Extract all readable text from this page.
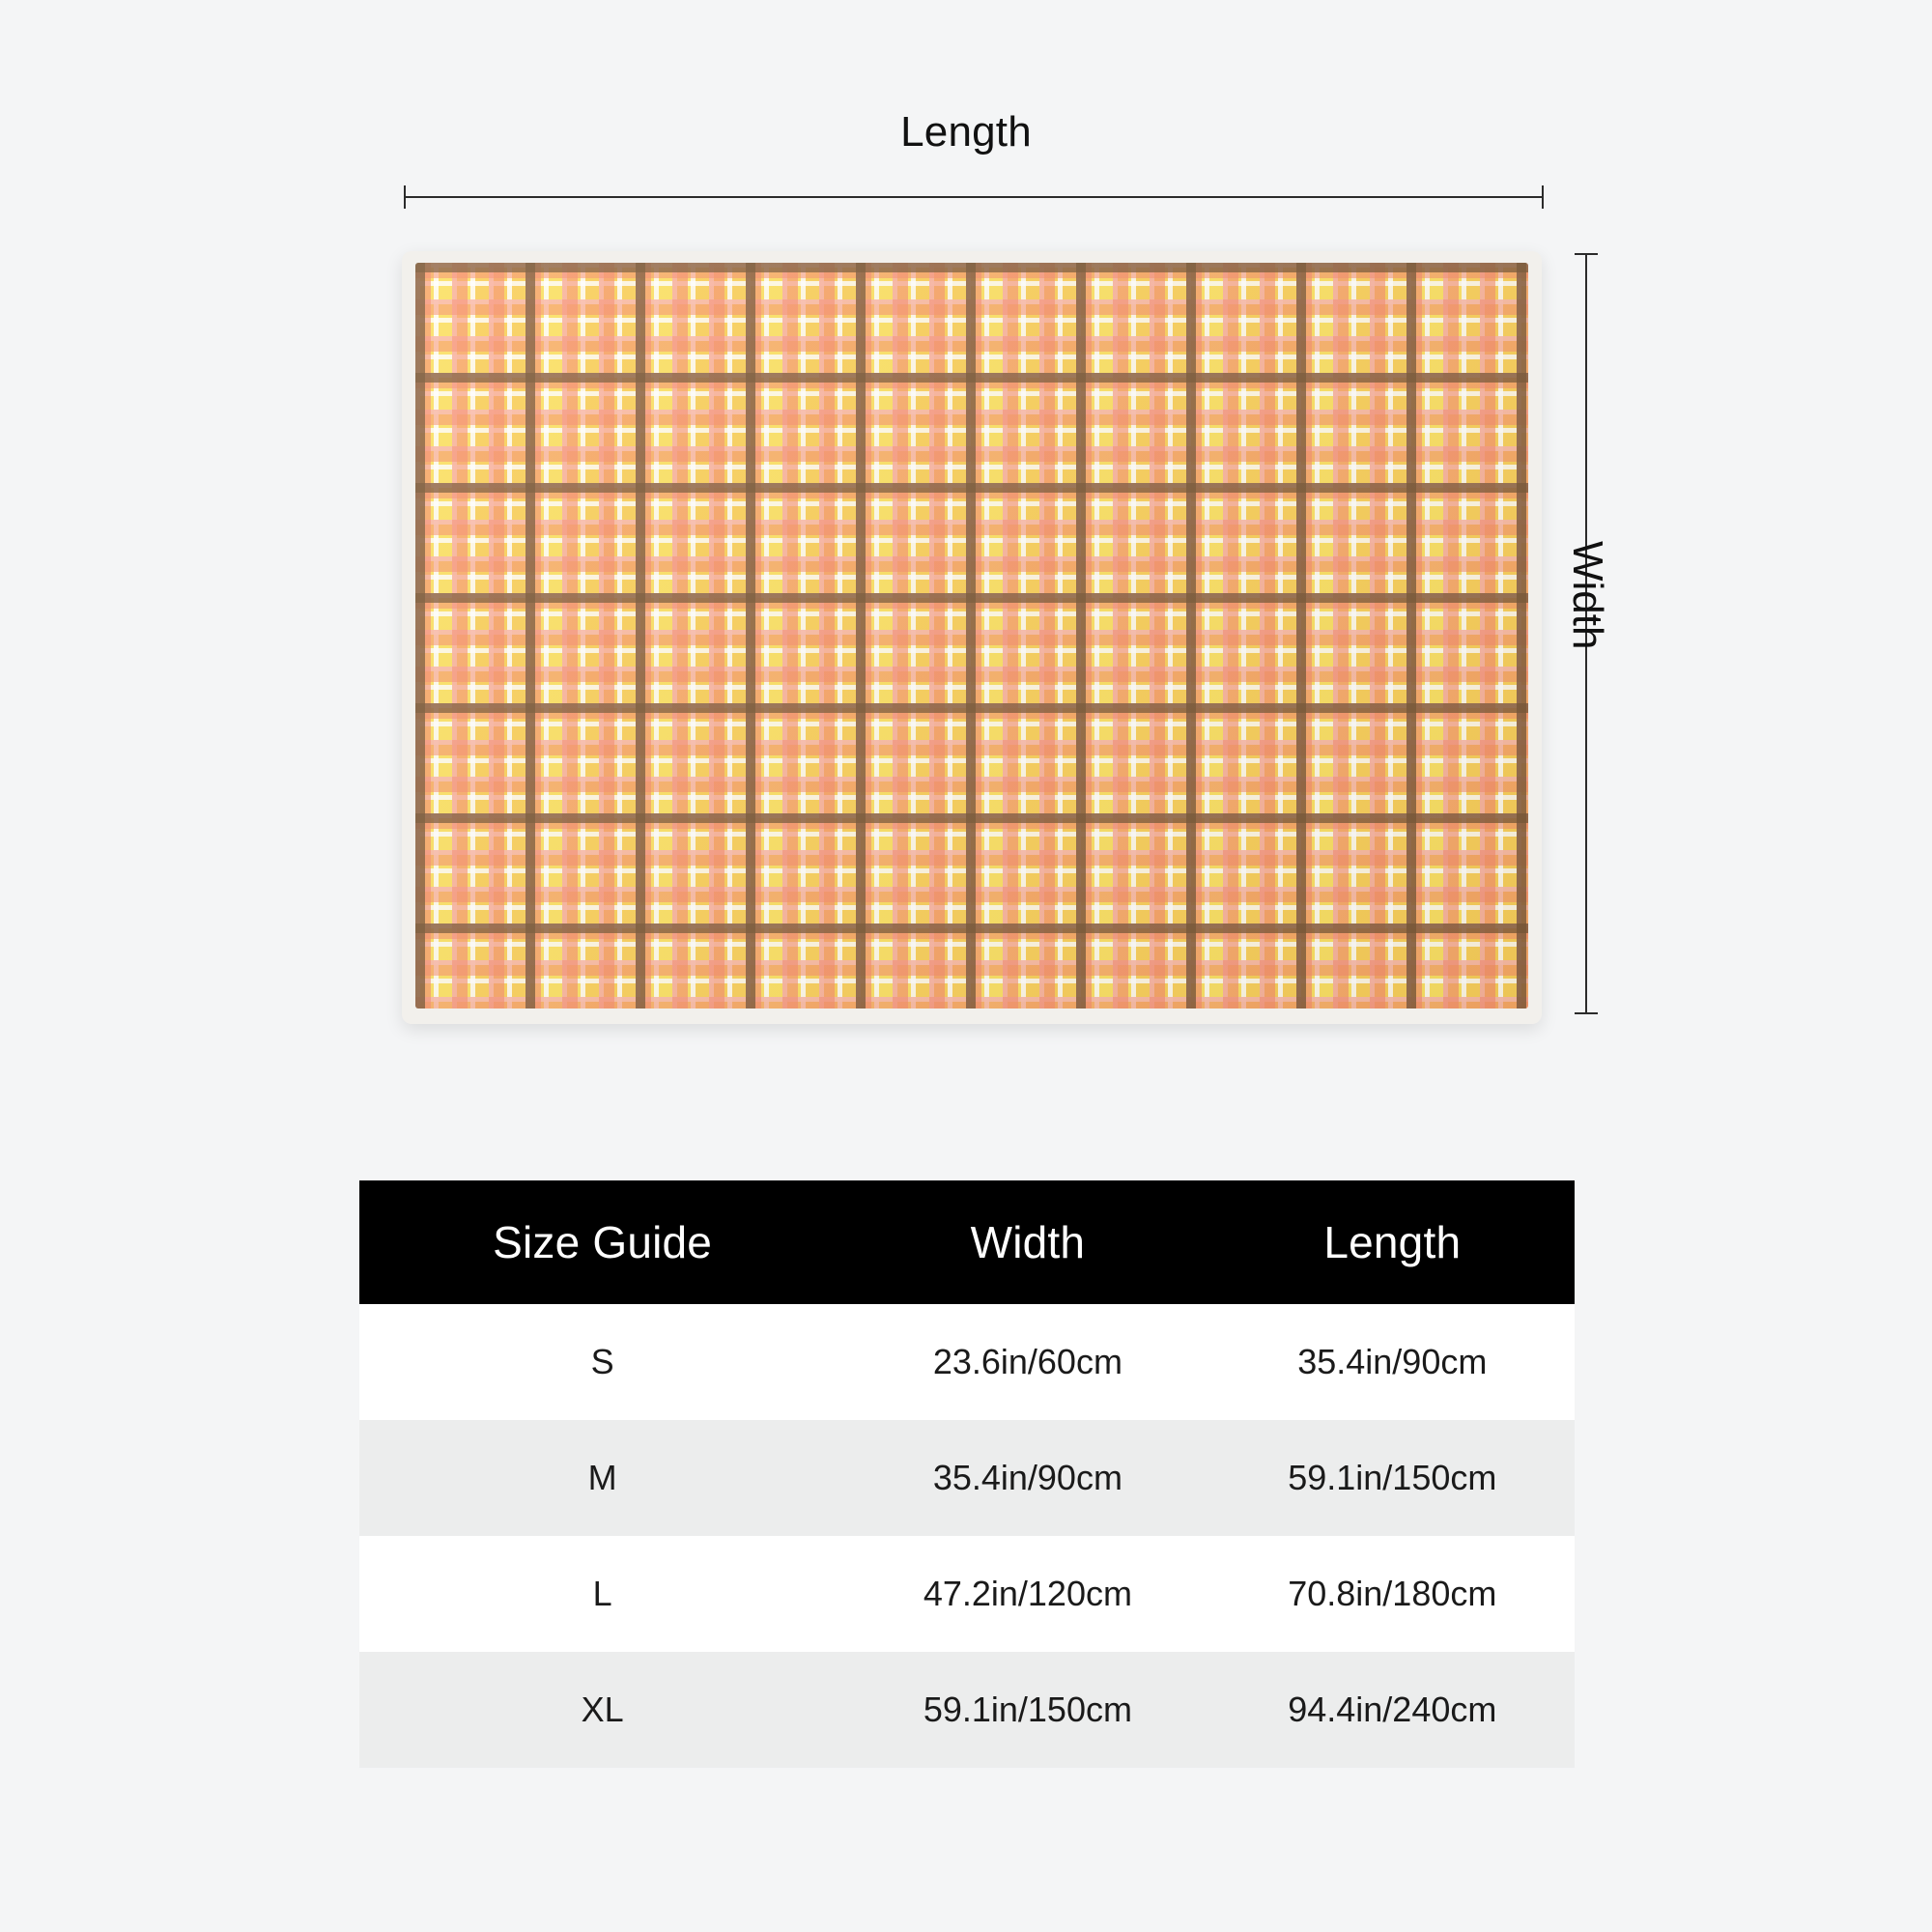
Length
Width
Size Guide	Width	Length
S	23.6in/60cm	35.4in/90cm
M	35.4in/90cm	59.1in/150cm
L	47.2in/120cm	70.8in/180cm
XL	59.1in/150cm	94.4in/240cm
